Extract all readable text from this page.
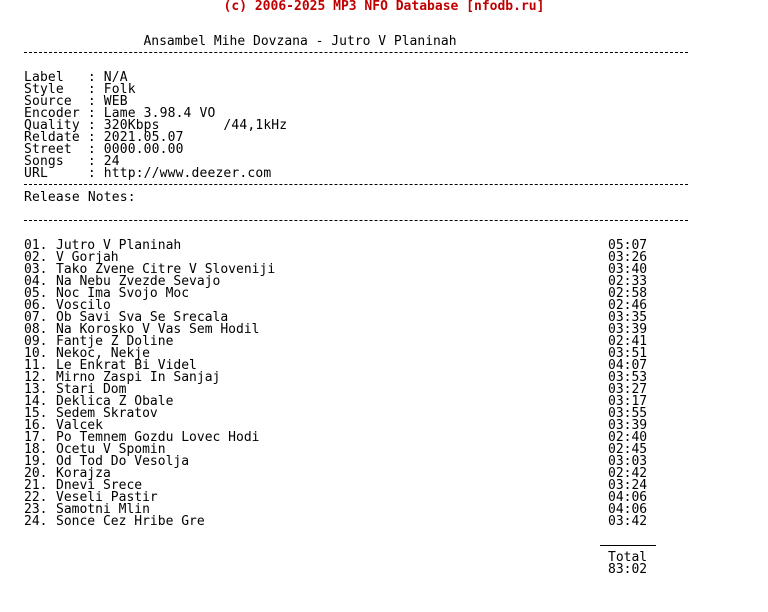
(c) 2006-2025 MP3 NFO Database [nfodb.ru]
Ansambel Mihe Dovzana - Jutro V Planinah
Label   : N/A
Style   : Folk
Source  : WEB
Encoder : Lame 3.98.4 VO
Quality : 320Kbps        /44,1kHz
Reldate : 2021.05.07
Street  : 0000.00.00
Songs   : 24
URL     : http://www.deezer.com
Release Notes:
01. Jutro V Planinah	05:07
02. V Gorjah	03:26
03. Tako Zvene Citre V Sloveniji	03:40
04. Na Nebu Zvezde Sevajo	02:33
05. Noc Ima Svojo Moc	02:58
06. Voscilo	02:46
07. Ob Savi Sva Se Srecala	03:35
08. Na Korosko V Vas Sem Hodil	03:39
09. Fantje Z Doline	02:41
10. Nekoc, Nekje	03:51
11. Le Enkrat Bi Videl	04:07
12. Mirno Zaspi In Sanjaj	03:53
13. Stari Dom	03:27
14. Deklica Z Obale	03:17
15. Sedem Skratov	03:55
16. Valcek	03:39
17. Po Temnem Gozdu Lovec Hodi	02:40
18. Ocetu V Spomin	02:45
19. Od Tod Do Vesolja	03:03
20. Korajza	02:42
21. Dnevi Srece	03:24
22. Veseli Pastir	04:06
23. Samotni Mlin	04:06
24. Sonce Cez Hribe Gre	03:42
Total
83:02
